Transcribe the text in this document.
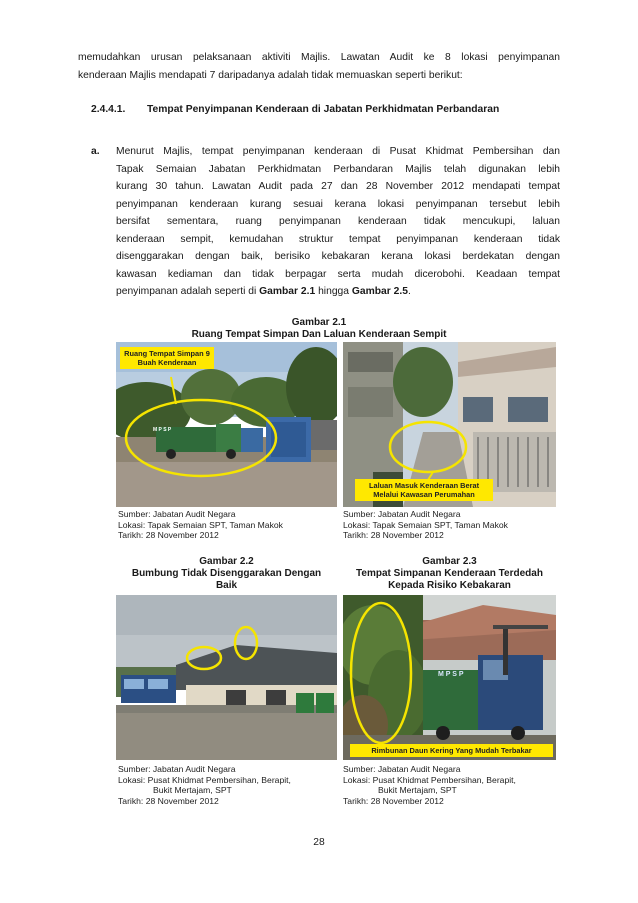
memudahkan urusan pelaksanaan aktiviti Majlis. Lawatan Audit ke 8 lokasi penyimpanan
kenderaan Majlis mendapati 7 daripadanya adalah tidak memuaskan seperti berikut:
2.4.4.1. Tempat Penyimpanan Kenderaan di Jabatan Perkhidmatan Perbandaran
a. Menurut Majlis, tempat penyimpanan kenderaan di Pusat Khidmat Pembersihan dan
Tapak Semaian Jabatan Perkhidmatan Perbandaran Majlis telah digunakan lebih
kurang 30 tahun. Lawatan Audit pada 27 dan 28 November 2012 mendapati tempat
penyimpanan kenderaan kurang sesuai kerana lokasi penyimpanan tersebut lebih
bersifat sementara, ruang penyimpanan kenderaan tidak mencukupi, laluan
kenderaan sempit, kemudahan struktur tempat penyimpanan kenderaan tidak
disenggarakan dengan baik, berisiko kebakaran kerana lokasi berdekatan dengan
kawasan kediaman dan tidak berpagar serta mudah dicerobohi. Keadaan tempat
penyimpanan adalah seperti di Gambar 2.1 hingga Gambar 2.5.
Gambar 2.1
Ruang Tempat Simpan Dan Laluan Kenderaan Sempit
Ruang Tempat Simpan 9
Buah Kenderaan
M P S P
Laluan Masuk Kenderaan Berat
Melalui Kawasan Perumahan
Sumber: Jabatan Audit Negara
Lokasi: Tapak Semaian SPT, Taman Makok
Tarikh: 28 November 2012
Sumber: Jabatan Audit Negara
Lokasi: Tapak Semaian SPT, Taman Makok
Tarikh: 28 November 2012
Gambar 2.2
Bumbung Tidak Disenggarakan Dengan
Baik
Sumber: Jabatan Audit Negara
Lokasi: Pusat Khidmat Pembersihan, Berapit,
Bukit Mertajam, SPT
Tarikh: 28 November 2012
Gambar 2.3
Tempat Simpanan Kenderaan Terdedah
Kepada Risiko Kebakaran
M P S P
Rimbunan Daun Kering Yang Mudah Terbakar
Sumber: Jabatan Audit Negara
Lokasi: Pusat Khidmat Pembersihan, Berapit,
Bukit Mertajam, SPT
Tarikh: 28 November 2012
28
